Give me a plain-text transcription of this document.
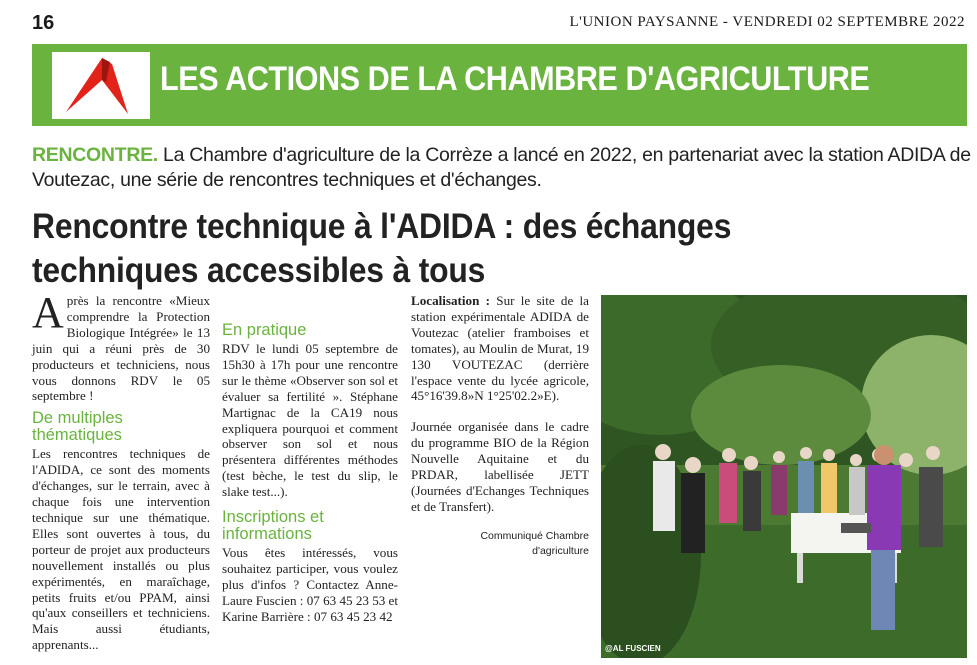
16	L'UNION PAYSANNE - VENDREDI 02 SEPTEMBRE 2022
LES ACTIONS DE LA CHAMBRE D'AGRICULTURE
RENCONTRE. La Chambre d'agriculture de la Corrèze a lancé en 2022, en partenariat avec la station ADIDA de Voutezac, une série de rencontres techniques et d'échanges.
Rencontre technique à l'ADIDA : des échanges techniques accessibles à tous

Après la rencontre «Mieux comprendre la Protection Biologique Intégrée» le 13 juin qui a réuni près de 30 producteurs et techniciens, nous vous donnons RDV le 05 septembre !

De multiples thématiques

Les rencontres techniques de l'ADIDA, ce sont des moments d'échanges, sur le terrain, avec à chaque fois une intervention technique sur une thématique. Elles sont ouvertes à tous, du porteur de projet aux producteurs nouvellement installés ou plus expérimentés, en maraîchage, petits fruits et/ou PPAM, ainsi qu'aux conseillers et techniciens. Mais aussi étudiants, apprenants...

En pratique

RDV le lundi 05 septembre de 15h30 à 17h pour une rencontre sur le thème «Observer son sol et évaluer sa fertilité ». Stéphane Martignac de la CA19 nous expliquera pourquoi et comment observer son sol et nous présentera différentes méthodes (test bèche, le test du slip, le slake test...).

Inscriptions et informations

Vous êtes intéressés, vous souhaitez participer, vous voulez plus d'infos ? Contactez Anne-Laure Fuscien : 07 63 45 23 53 et Karine Barrière : 07 63 45 23 42

Localisation : Sur le site de la station expérimentale ADIDA de Voutezac (atelier framboises et tomates), au Moulin de Murat, 19 130 VOUTEZAC (derrière l'espace vente du lycée agricole, 45°16'39.8»N 1°25'02.2»E).

Journée organisée dans le cadre du programme BIO de la Région Nouvelle Aquitaine et du PRDAR, labellisée JETT (Journées d'Echanges Techniques et de Transfert).

Communiqué Chambre
d'agriculture
@AL FUSCIEN
